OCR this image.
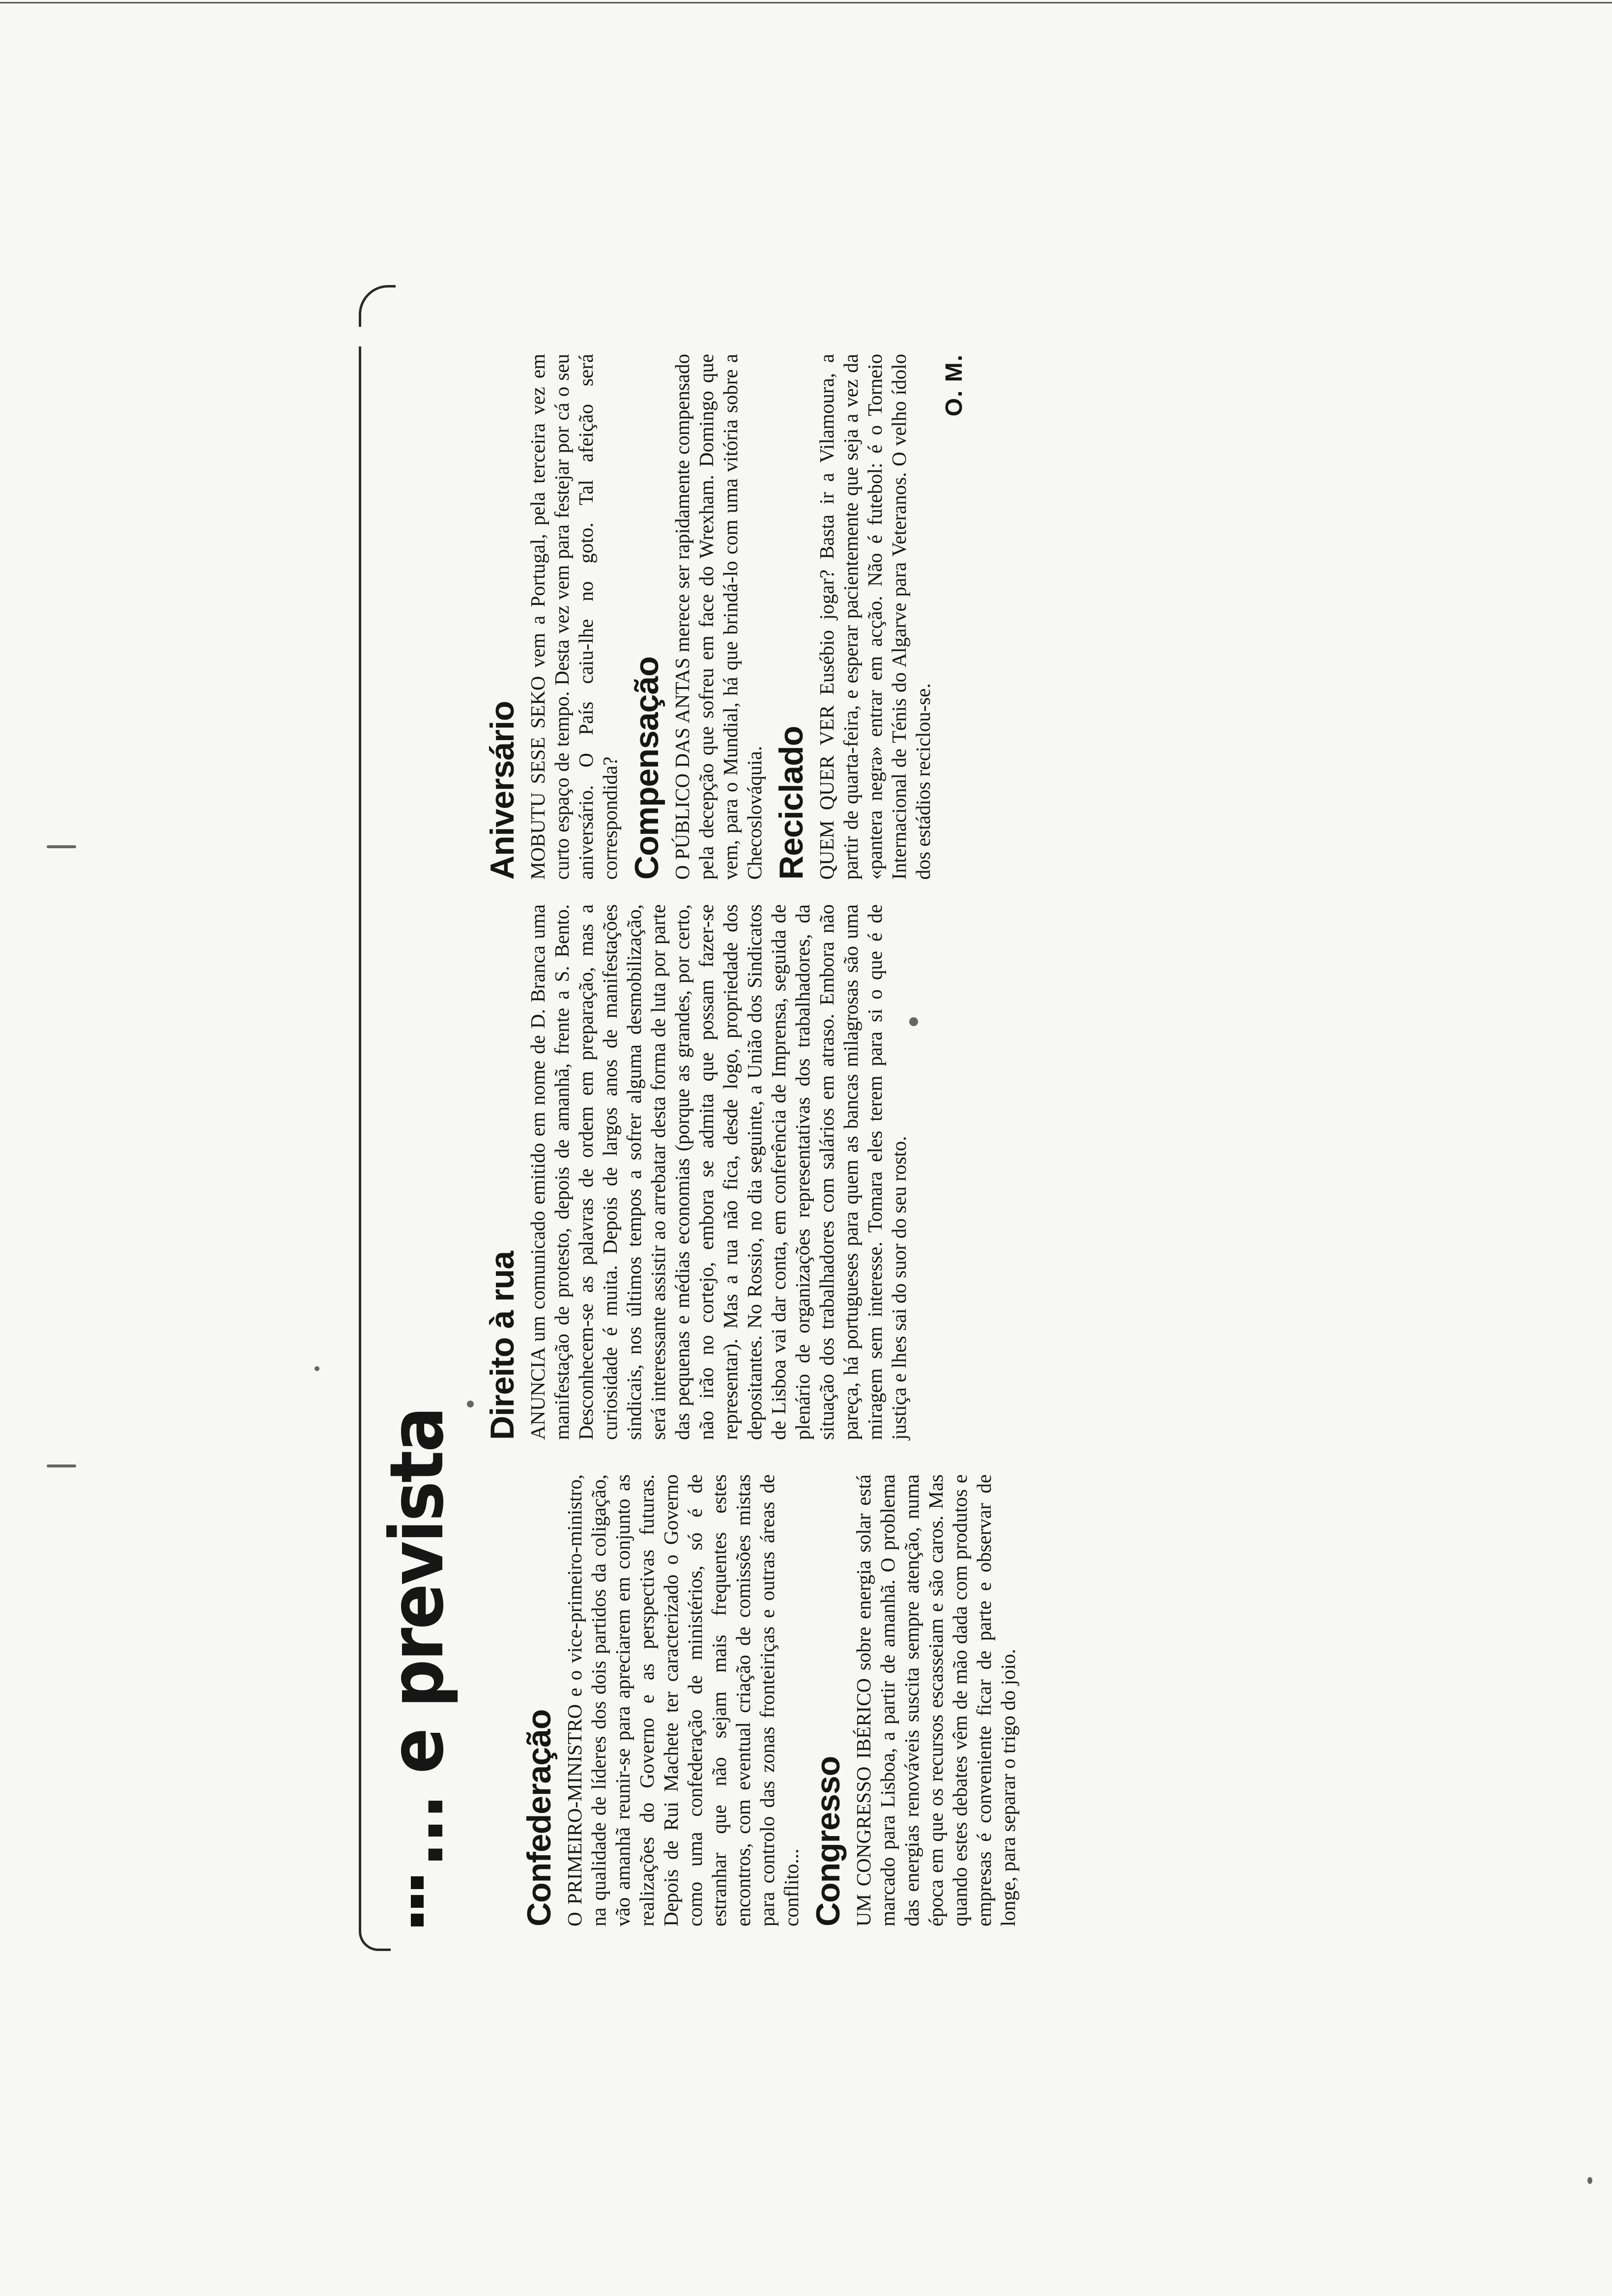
... e prevista Confederação O PRIMEIRO-MINISTRO e o vice-primeiro-ministro, na qualidade de líderes dos dois partidos da coligação, vão amanhã reunir-se para apreciarem em conjunto as realizações do Governo e as perspectivas futuras. Depois de Rui Machete ter caracterizado o Governo como uma confederação de ministérios, só é de estranhar que não sejam mais frequentes estes encontros, com eventual criação de comissões mistas para controlo das zonas fronteiriças e outras áreas de conflito... Congresso UM CONGRESSO IBÉRICO sobre energia solar está marcado para Lisboa, a partir de amanhã. O problema das energias renováveis suscita sempre atenção, numa época em que os recursos escasseiam e são caros. Mas quando estes debates vêm de mão dada com produtos e empresas é conveniente ficar de parte e observar de longe, para separar o trigo do joio.

Direito à rua ANUNCIA um comunicado emitido em nome de D. Branca uma manifestação de protesto, depois de amanhã, frente a S. Bento. Desconhecem-se as palavras de ordem em preparação, mas a curiosidade é muita. Depois de largos anos de manifestações sindicais, nos últimos tempos a sofrer alguma desmobilização, será interessante assistir ao arrebatar desta forma de luta por parte das pequenas e médias economias (porque as grandes, por certo, não irão no cortejo, embora se admita que possam fazer-se representar). Mas a rua não fica, desde logo, propriedade dos depositantes. No Rossio, no dia seguinte, a União dos Sindicatos de Lisboa vai dar conta, em conferência de Imprensa, seguida de plenário de organizações representativas dos trabalhadores, da situação dos trabalhadores com salários em atraso. Embora não pareça, há portugueses para quem as bancas milagrosas são uma miragem sem interesse. Tomara eles terem para si o que é de justiça e lhes sai do suor do seu rosto.

Aniversário MOBUTU SESE SEKO vem a Portugal, pela terceira vez em curto espaço de tempo. Desta vez vem para festejar por cá o seu aniversário. O País caiu-lhe no goto. Tal afeição será correspondida? Compensação O PÚBLICO DAS ANTAS merece ser rapidamente compensado pela decepção que sofreu em face do Wrexham. Domingo que vem, para o Mundial, há que brindá-lo com uma vitória sobre a Checoslováquia. Reciclado QUEM QUER VER Eusébio jogar? Basta ir a Vilamoura, a partir de quarta-feira, e esperar pacientemente que seja a vez da «pantera negra» entrar em acção. Não é futebol: é o Torneio Internacional de Ténis do Algarve para Veteranos. O velho ídolo dos estádios reciclou-se.

O. M.
